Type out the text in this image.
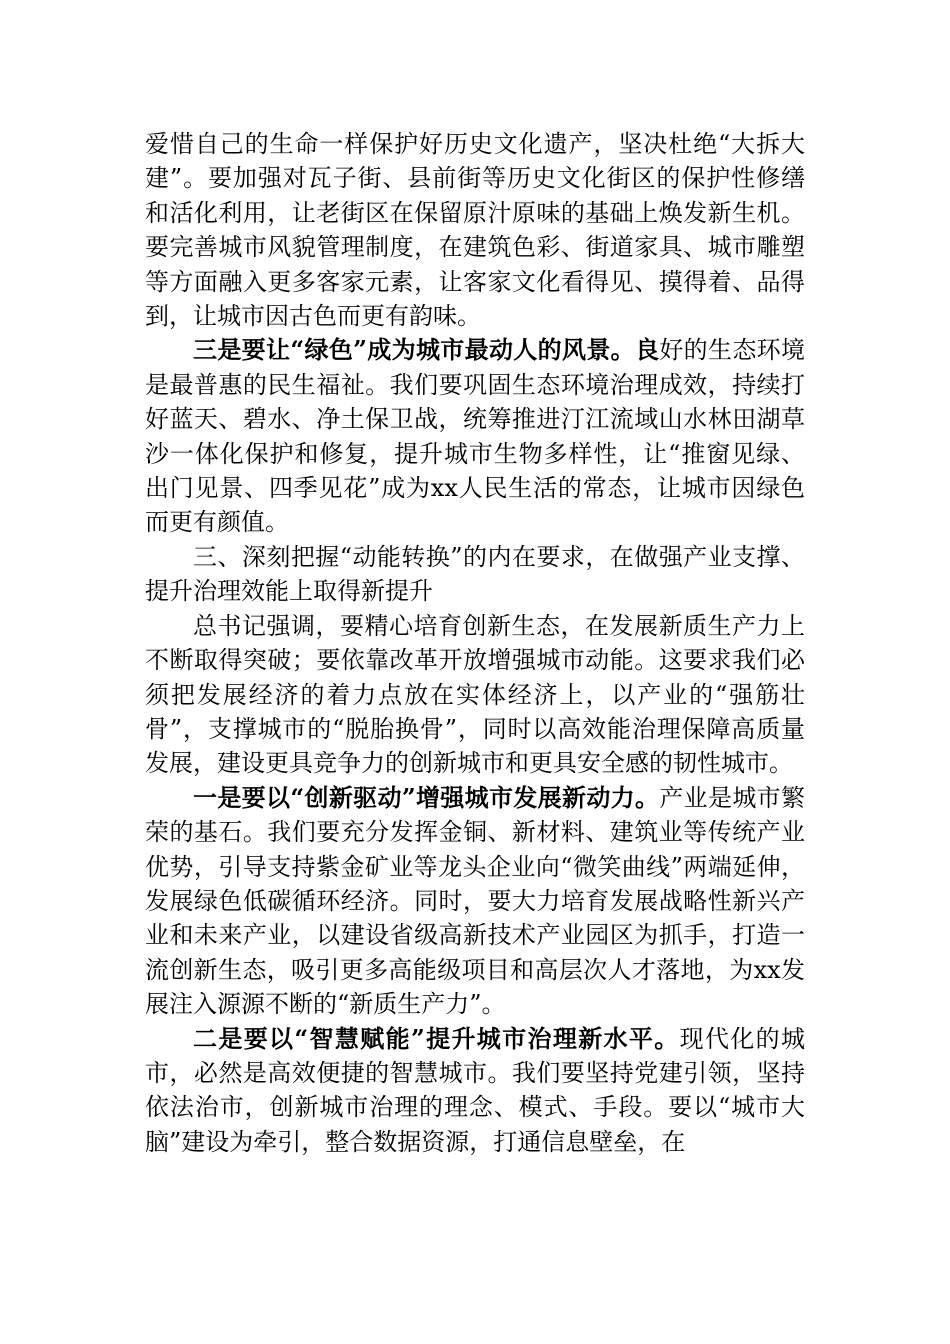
爱惜自己的生命一样保护好历史文化遗产，坚决杜绝“大拆大建”。要加强对瓦子街、县前街等历史文化街区的保护性修缮和活化利用，让老街区在保留原汁原味的基础上焕发新生机。要完善城市风貌管理制度，在建筑色彩、街道家具、城市雕塑等方面融入更多客家元素，让客家文化看得见、摸得着、品得到，让城市因古色而更有韵味。

三是要让“绿色”成为城市最动人的风景。良好的生态环境是最普惠的民生福祉。我们要巩固生态环境治理成效，持续打好蓝天、碧水、净土保卫战，统筹推进汀江流域山水林田湖草沙一体化保护和修复，提升城市生物多样性，让“推窗见绿、出门见景、四季见花”成为xx人民生活的常态，让城市因绿色而更有颜值。

三、深刻把握“动能转换”的内在要求，在做强产业支撑、提升治理效能上取得新提升

总书记强调，要精心培育创新生态，在发展新质生产力上不断取得突破；要依靠改革开放增强城市动能。这要求我们必须把发展经济的着力点放在实体经济上，以产业的“强筋壮骨”，支撑城市的“脱胎换骨”，同时以高效能治理保障高质量发展，建设更具竞争力的创新城市和更具安全感的韧性城市。

一是要以“创新驱动”增强城市发展新动力。产业是城市繁荣的基石。我们要充分发挥金铜、新材料、建筑业等传统产业优势，引导支持紫金矿业等龙头企业向“微笑曲线”两端延伸，发展绿色低碳循环经济。同时，要大力培育发展战略性新兴产业和未来产业，以建设省级高新技术产业园区为抓手，打造一流创新生态，吸引更多高能级项目和高层次人才落地，为xx发展注入源源不断的“新质生产力”。

二是要以“智慧赋能”提升城市治理新水平。现代化的城市，必然是高效便捷的智慧城市。我们要坚持党建引领，坚持依法治市，创新城市治理的理念、模式、手段。要以“城市大脑”建设为牵引，整合数据资源，打通信息壁垒，在
